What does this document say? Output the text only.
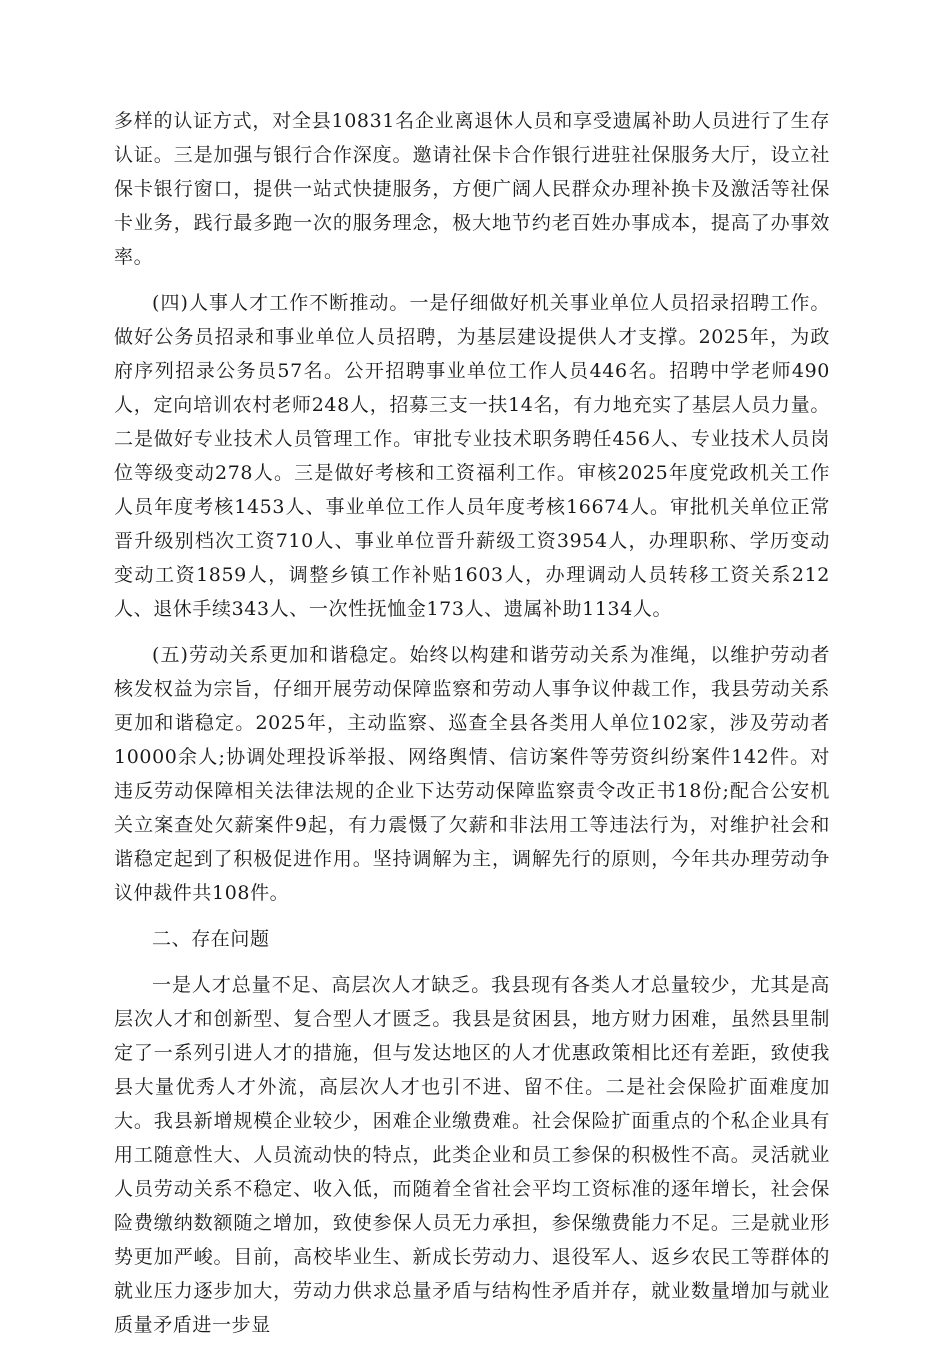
多样的认证方式，对全县10831名企业离退休人员和享受遗属补助人员进行了生存认证。三是加强与银行合作深度。邀请社保卡合作银行进驻社保服务大厅，设立社保卡银行窗口，提供一站式快捷服务，方便广阔人民群众办理补换卡及激活等社保卡业务，践行最多跑一次的服务理念，极大地节约老百姓办事成本，提高了办事效率。

(四)人事人才工作不断推动。一是仔细做好机关事业单位人员招录招聘工作。做好公务员招录和事业单位人员招聘，为基层建设提供人才支撑。2025年，为政府序列招录公务员57名。公开招聘事业单位工作人员446名。招聘中学老师490人，定向培训农村老师248人，招募三支一扶14名，有力地充实了基层人员力量。二是做好专业技术人员管理工作。审批专业技术职务聘任456人、专业技术人员岗位等级变动278人。三是做好考核和工资福利工作。审核2025年度党政机关工作人员年度考核1453人、事业单位工作人员年度考核16674人。审批机关单位正常晋升级别档次工资710人、事业单位晋升薪级工资3954人，办理职称、学历变动变动工资1859人，调整乡镇工作补贴1603人，办理调动人员转移工资关系212人、退休手续343人、一次性抚恤金173人、遗属补助1134人。

(五)劳动关系更加和谐稳定。始终以构建和谐劳动关系为准绳，以维护劳动者核发权益为宗旨，仔细开展劳动保障监察和劳动人事争议仲裁工作，我县劳动关系更加和谐稳定。2025年，主动监察、巡查全县各类用人单位102家，涉及劳动者10000余人;协调处理投诉举报、网络舆情、信访案件等劳资纠纷案件142件。对违反劳动保障相关法律法规的企业下达劳动保障监察责令改正书18份;配合公安机关立案查处欠薪案件9起，有力震慑了欠薪和非法用工等违法行为，对维护社会和谐稳定起到了积极促进作用。坚持调解为主，调解先行的原则，今年共办理劳动争议仲裁件共108件。

二、存在问题

一是人才总量不足、高层次人才缺乏。我县现有各类人才总量较少，尤其是高层次人才和创新型、复合型人才匮乏。我县是贫困县，地方财力困难，虽然县里制定了一系列引进人才的措施，但与发达地区的人才优惠政策相比还有差距，致使我县大量优秀人才外流，高层次人才也引不进、留不住。二是社会保险扩面难度加大。我县新增规模企业较少，困难企业缴费难。社会保险扩面重点的个私企业具有用工随意性大、人员流动快的特点，此类企业和员工参保的积极性不高。灵活就业人员劳动关系不稳定、收入低，而随着全省社会平均工资标准的逐年增长，社会保险费缴纳数额随之增加，致使参保人员无力承担，参保缴费能力不足。三是就业形势更加严峻。目前，高校毕业生、新成长劳动力、退役军人、返乡农民工等群体的就业压力逐步加大，劳动力供求总量矛盾与结构性矛盾并存，就业数量增加与就业质量矛盾进一步显
